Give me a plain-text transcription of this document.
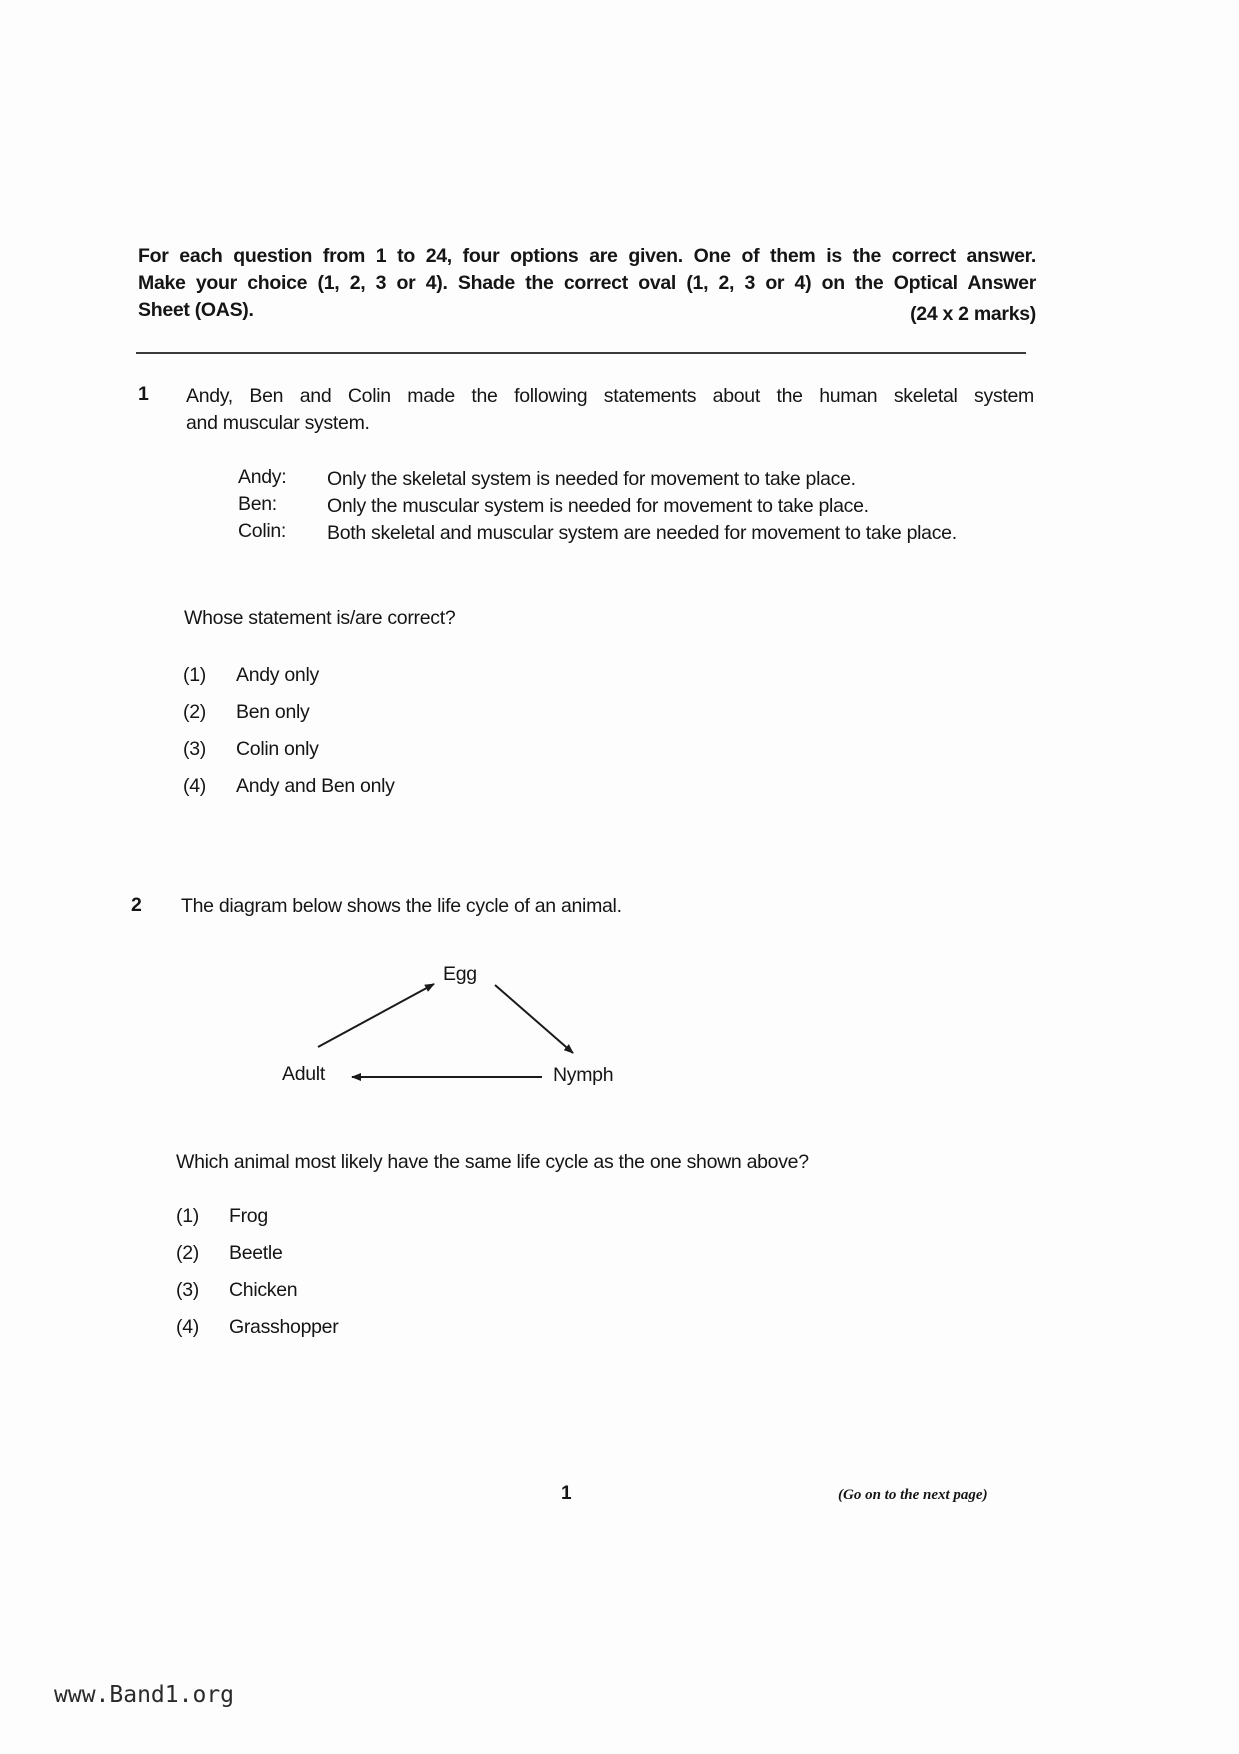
For each question from 1 to 24, four options are given. One of them is the correct answer.
Make your choice (1, 2, 3 or 4). Shade the correct oval (1, 2, 3 or 4) on the Optical Answer
Sheet (OAS).	(24 x 2 marks)
1	Andy, Ben and Colin made the following statements about the human skeletal system
and muscular system.
Andy:	Only the skeletal system is needed for movement to take place.
Ben:	Only the muscular system is needed for movement to take place.
Colin:	Both skeletal and muscular system are needed for movement to take place.
Whose statement is/are correct?
(1)	Andy only
(2)	Ben only
(3)	Colin only
(4)	Andy and Ben only
2	The diagram below shows the life cycle of an animal.
Egg
Nymph
Adult
Which animal most likely have the same life cycle as the one shown above?
(1)	Frog
(2)	Beetle
(3)	Chicken
(4)	Grasshopper
1	(Go on to the next page)
www.Band1.org
